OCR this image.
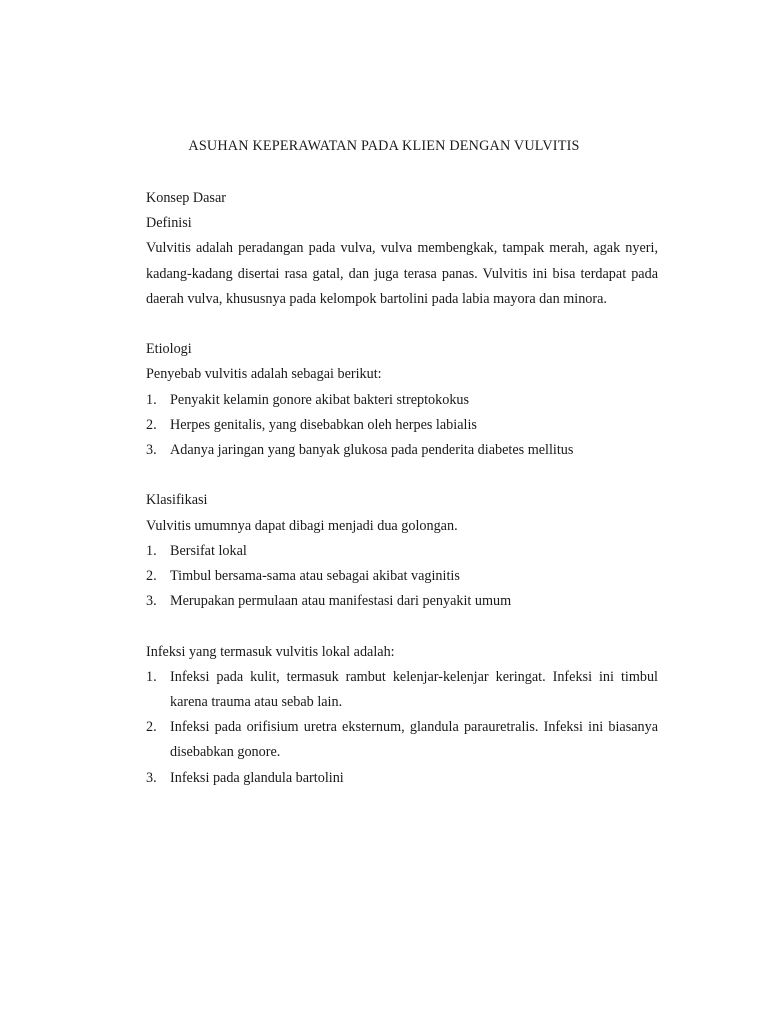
ASUHAN KEPERAWATAN PADA KLIEN DENGAN VULVITIS

Konsep Dasar

Definisi

Vulvitis adalah peradangan pada vulva, vulva membengkak, tampak merah, agak nyeri, kadang-kadang disertai rasa gatal, dan juga terasa panas. Vulvitis ini bisa terdapat pada daerah vulva, khususnya pada kelompok bartolini pada labia mayora dan minora.

Etiologi

Penyebab vulvitis adalah sebagai berikut:

1. Penyakit kelamin gonore akibat bakteri streptokokus
2. Herpes genitalis, yang disebabkan oleh herpes labialis
3. Adanya jaringan yang banyak glukosa pada penderita diabetes mellitus

Klasifikasi

Vulvitis umumnya dapat dibagi menjadi dua golongan.

1. Bersifat lokal
2. Timbul bersama-sama atau sebagai akibat vaginitis
3. Merupakan permulaan atau manifestasi dari penyakit umum

Infeksi yang termasuk vulvitis lokal adalah:

1. Infeksi pada kulit, termasuk rambut kelenjar-kelenjar keringat. Infeksi ini timbul karena trauma atau sebab lain.
2. Infeksi pada orifisium uretra eksternum, glandula parauretralis. Infeksi ini biasanya disebabkan gonore.
3. Infeksi pada glandula bartolini
